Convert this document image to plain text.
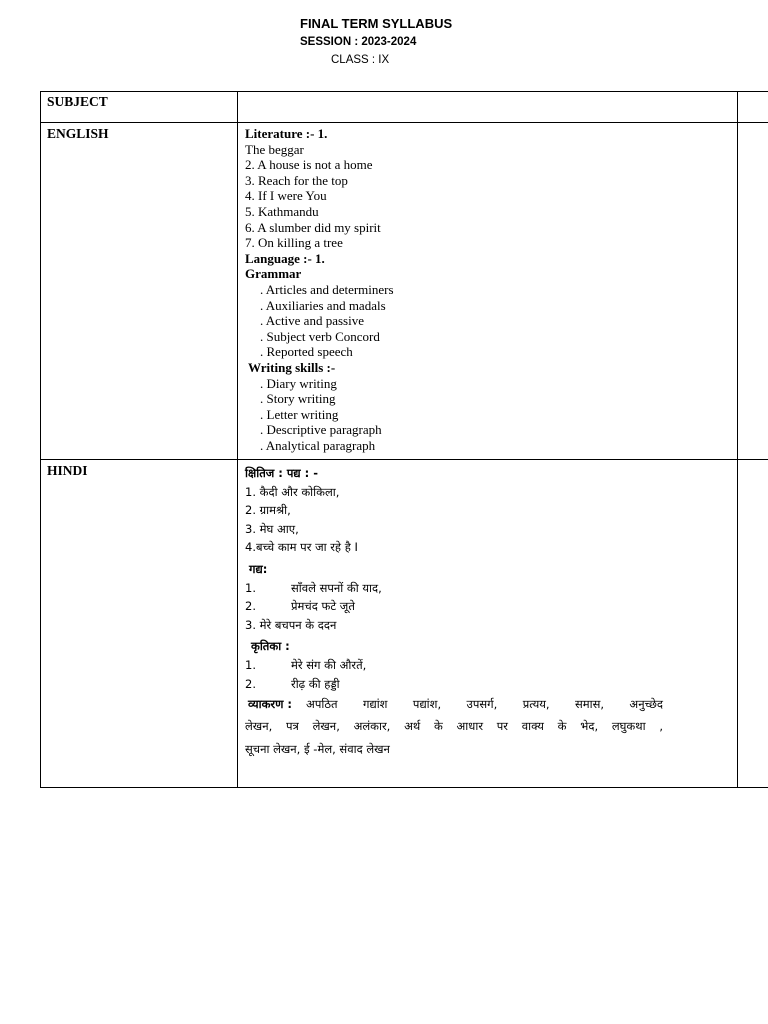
FINAL TERM SYLLABUS
SESSION : 2023-2024
CLASS : IX
SUBJECT
ENGLISH	Literature :- 1.
The beggar
2. A house is not a home
3. Reach for the top
4. If I were You
5. Kathmandu
6. A slumber did my spirit
7. On killing a tree
Language :- 1.
Grammar
. Articles and determiners
. Auxiliaries and madals
. Active and passive
. Subject verb Concord
. Reported speech
Writing skills :-
. Diary writing
. Story writing
. Letter writing
. Descriptive paragraph
. Analytical paragraph
HINDI	क्षितिज : पद्य : -
1. कैदी और कोकिला,
2. ग्रामश्री,
3. मेघ आए,
4.बच्चे काम पर जा रहे है I
गद्य:
1.	साँवले सपनों की याद,
2.	प्रेमचंद फटे जूते
3. मेरे बचपन के ददन
कृतिका :
1.	मेरे संग की औरतें,
2.	रीढ़ की हड्डी
व्याकरण : अपठित गद्यांश पद्यांश, उपसर्ग, प्रत्यय, समास, अनुच्छेद
लेखन, पत्र लेखन, अलंकार, अर्थ के आधार पर वाक्य के भेद, लघुकथा ,
सूचना लेखन, ई -मेल, संवाद लेखन
